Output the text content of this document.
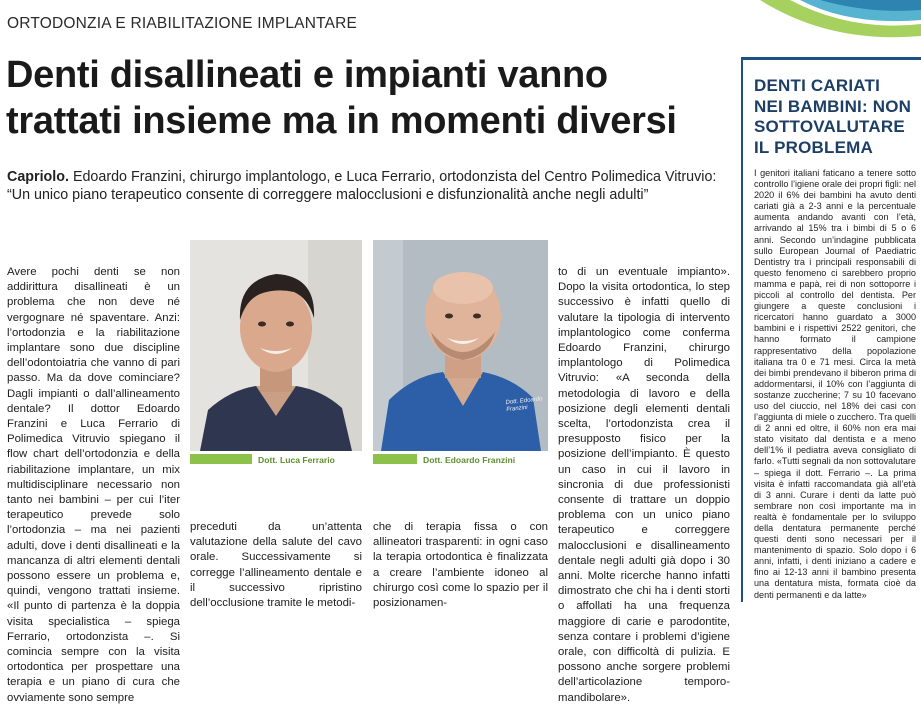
ORTODONZIA E RIABILITAZIONE IMPLANTARE
Denti disallineati e impianti vanno
trattati insieme ma in momenti diversi
Capriolo. Edoardo Franzini, chirurgo implantologo, e Luca Ferrario, ortodonzista del Centro Polimedica Vitruvio:
“Un unico piano terapeutico consente di correggere malocclusioni e disfunzionalità anche negli adulti”

Avere pochi denti se non addirittura disallineati è un problema che non deve né vergognare né spaventare. Anzi: l’ortodonzia e la riabilitazione implantare sono due discipline dell’odontoiatria che vanno di pari passo. Ma da dove cominciare? Dagli impianti o dall’allineamento dentale? Il dottor Edoardo Franzini e Luca Ferrario di Polimedica Vitruvio spiegano il flow chart dell’ortodonzia e della riabilitazione implantare, un mix multidisciplinare necessario non tanto nei bambini – per cui l’iter terapeutico prevede solo l’ortodonzia – ma nei pazienti adulti, dove i denti disallineati e la mancanza di altri elementi dentali possono essere un problema e, quindi, vengono trattati insieme. «Il punto di partenza è la doppia visita specialistica – spiega Ferrario, ortodonzista –. Si comincia sempre con la visita ortodontica per prospettare una terapia e un piano di cura che ovviamente sono sempre

Dott. Edoardo Franzini
Dott. Luca Ferrario	Dott. Edoardo Franzini

preceduti da un’attenta valutazione della salute del cavo orale. Successivamente si corregge l’allineamento dentale e il successivo ripristino dell’occlusione tramite le metodi-

che di terapia fissa o con allineatori trasparenti: in ogni caso la terapia ortodontica è finalizzata a creare l’ambiente idoneo al chirurgo così come lo spazio per il posizionamen-

to di un eventuale impianto». Dopo la visita ortodontica, lo step successivo è infatti quello di valutare la tipologia di intervento implantologico come conferma Edoardo Franzini, chirurgo implantologo di Polimedica Vitruvio: «A seconda della metodologia di lavoro e della posizione degli elementi dentali scelta, l’ortodonzista crea il presupposto fisico per la posizione dell’impianto. È questo un caso in cui il lavoro in sincronia di due professionisti consente di trattare un doppio problema con un unico piano terapeutico e correggere malocclusioni e disallineamento dentale negli adulti già dopo i 30 anni. Molte ricerche hanno infatti dimostrato che chi ha i denti storti o affollati ha una frequenza maggiore di carie e parodontite, senza contare i problemi d’igiene orale, con difficoltà di pulizia. E possono anche sorgere problemi dell’articolazione temporo-mandibolare».

DENTI CARIATI
NEI BAMBINI: NON
SOTTOVALUTARE
IL PROBLEMA

I genitori italiani faticano a tenere sotto controllo l’igiene orale dei propri figli: nel 2020 il 6% dei bambini ha avuto denti cariati già a 2-3 anni e la percentuale aumenta andando avanti con l’età, arrivando al 15% tra i bimbi di 5 o 6 anni. Secondo un’indagine pubblicata sullo European Journal of Paediatric Dentistry tra i principali responsabili di questo fenomeno ci sarebbero proprio mamma e papà, rei di non sottoporre i piccoli al controllo del dentista. Per giungere a queste conclusioni i ricercatori hanno guardato a 3000 bambini e i rispettivi 2522 genitori, che hanno formato il campione rappresentativo della popolazione italiana tra 0 e 71 mesi. Circa la metà dei bimbi prendevano il biberon prima di addormentarsi, il 10% con l’aggiunta di sostanze zuccherine; 7 su 10 facevano uso del ciuccio, nel 18% dei casi con l’aggiunta di miele o zucchero. Tra quelli di 2 anni ed oltre, il 60% non era mai stato visitato dal dentista e a meno dell’1% il pediatra aveva consigliato di farlo. «Tutti segnali da non sottovalutare – spiega il dott. Ferrario –. La prima visita è infatti raccomandata già all’età di 3 anni. Curare i denti da latte può sembrare non così importante ma in realtà è fondamentale per lo sviluppo della dentatura permanente perché questi denti sono necessari per il mantenimento di spazio. Solo dopo i 6 anni, infatti, i denti iniziano a cadere e fino ai 12-13 anni il bambino presenta una dentatura mista, formata cioè da denti permanenti e da latte»
